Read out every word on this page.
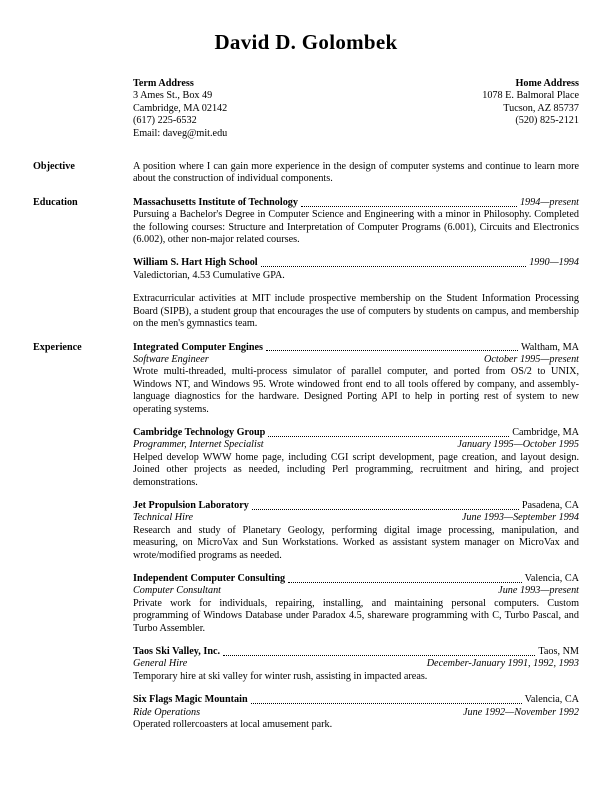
David D. Golombek
Term Address
3 Ames St., Box 49
Cambridge, MA 02142
(617) 225-6532
Email: daveg@mit.edu
Home Address
1078 E. Balmoral Place
Tucson, AZ 85737
(520) 825-2121
Objective	A position where I can gain more experience in the design of computer systems and continue to learn more about the construction of individual components.

Education	Massachusetts Institute of Technology	1994—present

Pursuing a Bachelor's Degree in Computer Science and Engineering with a minor in Philosophy. Completed the following courses: Structure and Interpretation of Computer Programs (6.001), Circuits and Electronics (6.002), other non-major related courses.

William S. Hart High School	1990—1994

Valedictorian, 4.53 Cumulative GPA.

Extracurricular activities at MIT include prospective membership on the Student Information Processing Board (SIPB), a student group that encourages the use of computers by students on campus, and membership on the men's gymnastics team.

Experience	Integrated Computer Engines	Waltham, MA
Software Engineer	October 1995—present

Wrote multi-threaded, multi-process simulator of parallel computer, and ported from OS/2 to UNIX, Windows NT, and Windows 95. Wrote windowed front end to all tools offered by company, and assembly-language diagnostics for the hardware. Designed Porting API to help in porting rest of system to new operating systems.

Cambridge Technology Group	Cambridge, MA
Programmer, Internet Specialist	January 1995—October 1995

Helped develop WWW home page, including CGI script development, page creation, and layout design. Joined other projects as needed, including Perl programming, recruitment and hiring, and project demonstrations.

Jet Propulsion Laboratory	Pasadena, CA
Technical Hire	June 1993—September 1994

Research and study of Planetary Geology, performing digital image processing, manipulation, and measuring, on MicroVax and Sun Workstations. Worked as assistant system manager on MicroVax and wrote/modified programs as needed.

Independent Computer Consulting	Valencia, CA
Computer Consultant	June 1993—present

Private work for individuals, repairing, installing, and maintaining personal computers. Custom programming of Windows Database under Paradox 4.5, shareware programming with C, Turbo Pascal, and Turbo Assembler.

Taos Ski Valley, Inc.	Taos, NM
General Hire	December-January 1991, 1992, 1993

Temporary hire at ski valley for winter rush, assisting in impacted areas.

Six Flags Magic Mountain	Valencia, CA
Ride Operations	June 1992—November 1992

Operated rollercoasters at local amusement park.
